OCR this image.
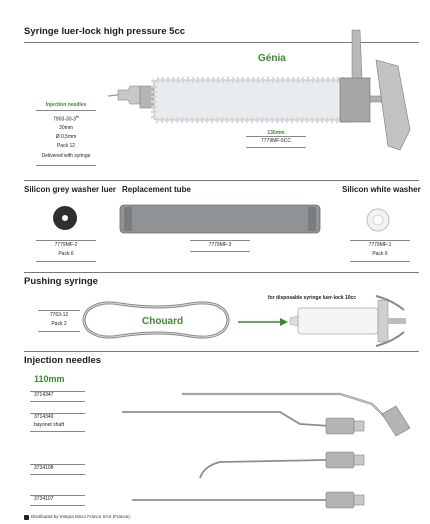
Syringe luer-lock high pressure 5cc
Génia
Injection needles
7903-30-3th
30mm
Ø 0,5mm
Pack 12
Delivered with syringe
130mm
7779MF-5CC
Silicon grey washer luer Replacement tube	Silicon white washer
7779MF-2
Pack 6
7779MF-3	7779MF-1
Pack 6
Pushing syringe
7763-12
Pack 2	Chouard
for disposable syringe luer-lock 10cc
Injection needles
110mm
3714347
3714349
bayonet shaft
3734108
3734107
Distributed by Integra Micro France SAS (France)
